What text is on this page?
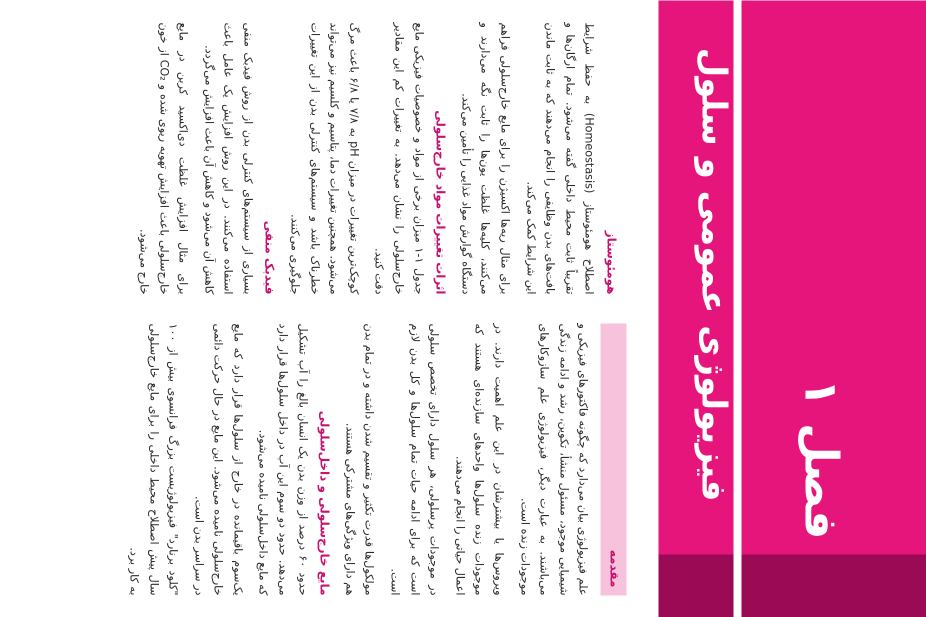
فصل ۱
فیزیولوژی عمومی و سلول
مقدمه

علم فیزیولوژی بیان می‌دارد که چگونه فاکتورهای فیزیکی و شیمیایی موجود، مسئول منشأ، تکوین، رشد و ادامه زندگی می‌باشند. به عبارت دیگر، فیزیولوژی علم سازوکارهای موجودات زنده است.

ویروس‌ها یا بیشترشان در این علم اهمیت دارند. در موجودات زنده سلول‌ها واحدهای سازنده‌ای هستند که اعمال حیاتی را انجام می‌دهند.

در موجودات پرسلولی، هر سلول دارای تخصص سلولی است که برای ادامه حیات تمام سلول‌ها و کل بدن لازم است.

مولکول‌ها قدرت تکثیر و تقسیم شدن داشته و در تمام بدن هم دارای ویژگی‌های مشترکی هستند.

مایع خارج‌سلولی و داخل‌سلولی

حدود ۶۰ درصد از وزن بدن یک انسان بالغ را آب تشکیل می‌دهد. حدود دو سوم این آب در داخل سلول‌ها قرار دارد که مایع داخل‌سلولی نامیده می‌شود.

یک‌سوم باقیمانده در خارج از سلول‌ها قرار دارد که مایع خارج‌سلولی نامیده می‌شود. این مایع در حال حرکت دائمی در سراسر بدن است.

"کلود برنارد" فیزیولوژیست بزرگ فرانسوی بیش از ۱۰۰ سال پیش اصطلاح محیط داخلی را برای مایع خارج‌سلولی به کار برد.

هومئوستاز

اصطلاح هومئوستاز (Homeostasis) به حفظ شرایط تقریباً ثابت محیط داخلی گفته می‌شود. تمام ارگان‌ها و بافت‌های بدن وظایفی را انجام می‌دهند که به ثابت ماندن این شرایط کمک می‌کند.

برای مثال ریه‌ها اکسیژن را برای مایع خارج‌سلولی فراهم می‌کنند، کلیه‌ها غلظت یون‌ها را ثابت نگه می‌دارند و دستگاه گوارش مواد غذایی را تأمین می‌کند.

اثرات تغییرات مواد خارج‌سلولی

جدول ۱-۱ میزان برخی از مواد و خصوصیات فیزیکی مایع خارج‌سلولی را نشان می‌دهد. به تغییرات کم این مقادیر دقت کنید.

کوچک‌ترین تغییرات در میزان pH به ۷/۸ یا ۶/۸ باعث مرگ می‌شود. همچنین تغییرات دما، پتاسیم و کلسیم نیز می‌تواند خطرناک باشد و سیستم‌های کنترلی بدن از این تغییرات جلوگیری می‌کنند.

فیدبک منفی

بسیاری از سیستم‌های کنترلی بدن از روش فیدبک منفی استفاده می‌کنند. در این روش افزایش یک عامل باعث کاهش آن می‌شود و کاهش آن باعث افزایش می‌گردد.

برای مثال افزایش غلظت دی‌اکسید کربن در مایع خارج‌سلولی باعث افزایش تهویه ریوی شده و CO₂ از خون خارج می‌شود.
